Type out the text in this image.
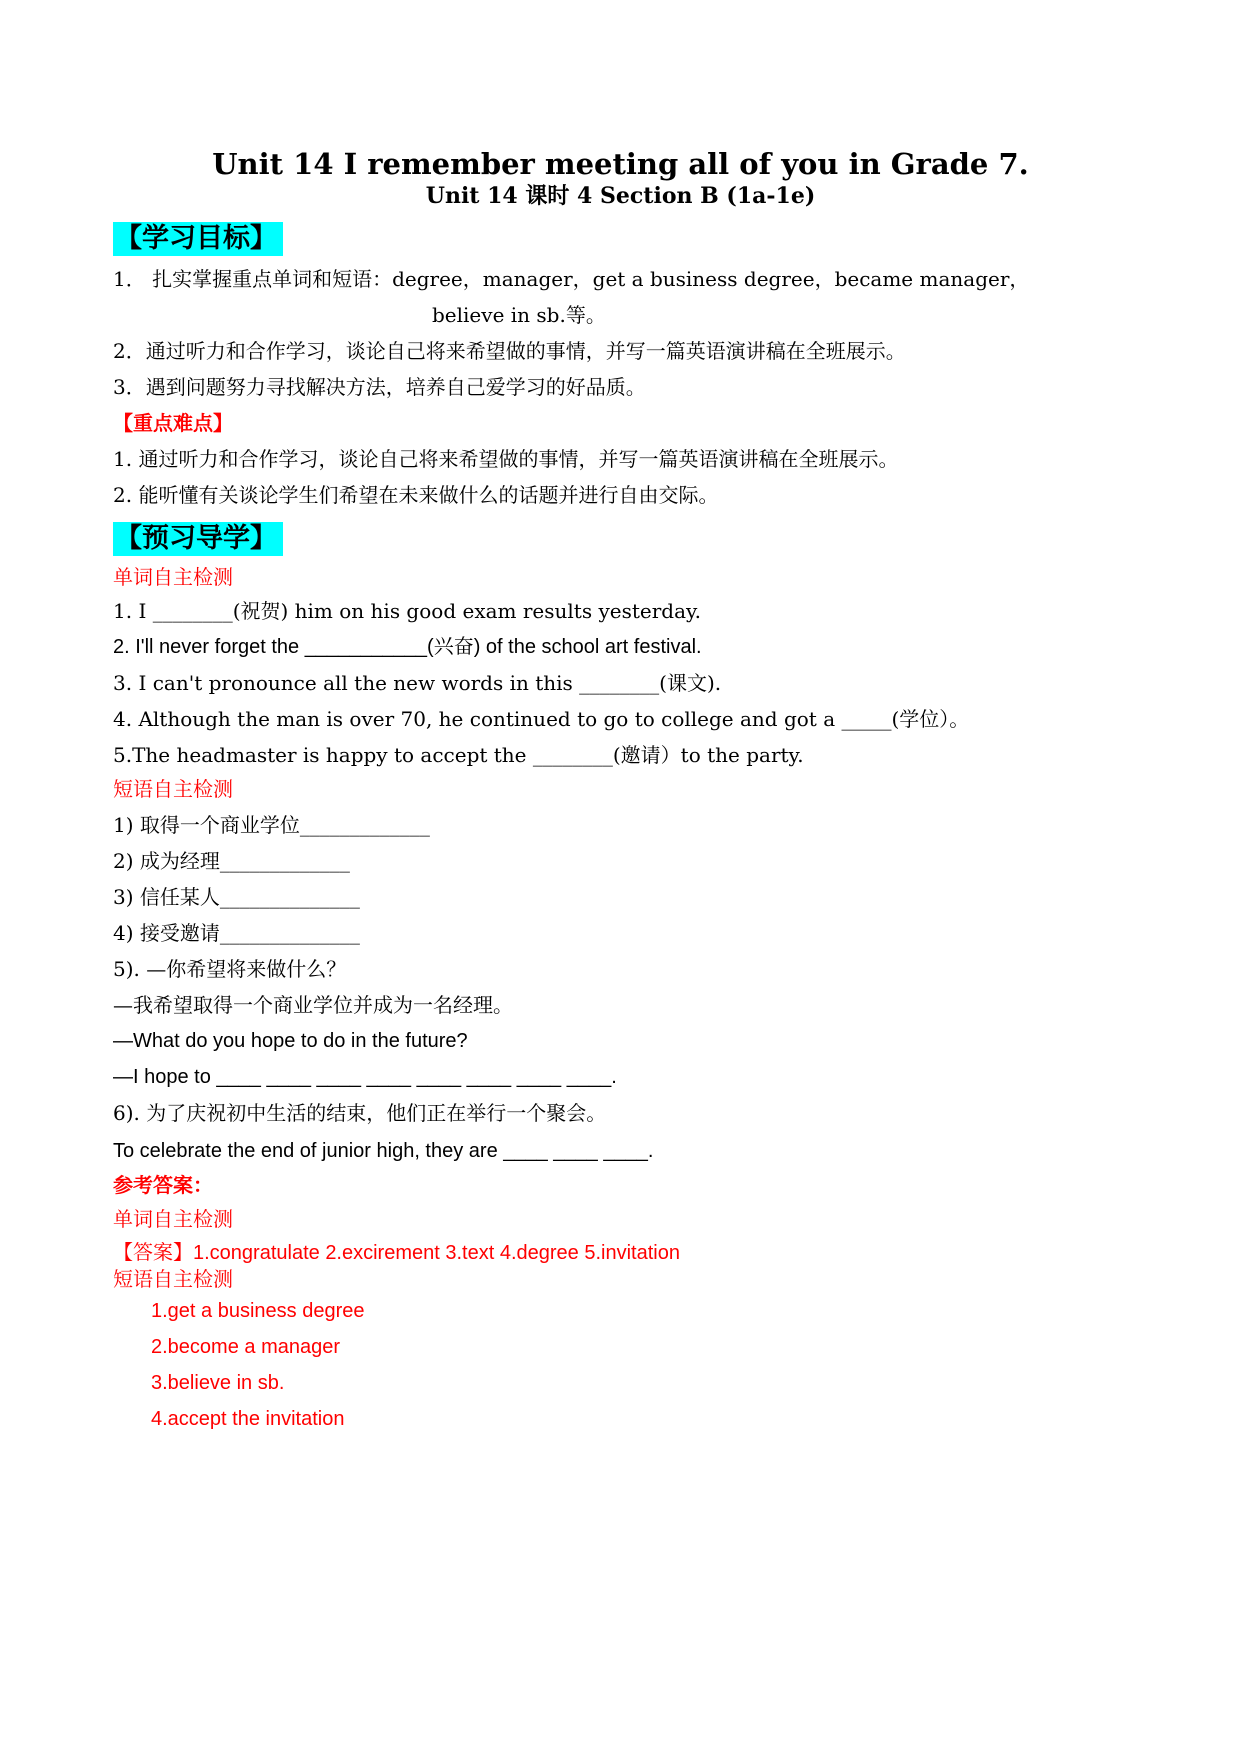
Unit 14 I remember meeting all of you in Grade 7.
Unit 14 课时 4 Section B (1a-1e)
【学习目标】
1． 扎实掌握重点单词和短语：degree，manager，get a business degree，became manager，
believe in sb.等。
2．通过听力和合作学习，谈论自己将来希望做的事情，并写一篇英语演讲稿在全班展示。
3．遇到问题努力寻找解决方法，培养自己爱学习的好品质。
【重点难点】
1. 通过听力和合作学习，谈论自己将来希望做的事情，并写一篇英语演讲稿在全班展示。
2. 能听懂有关谈论学生们希望在未来做什么的话题并进行自由交际。
【预习导学】
单词自主检测
1. I ________(祝贺) him on his good exam results yesterday.
2. I'll never forget the ___________(兴奋) of the school art festival.
3. I can't pronounce all the new words in this ________(课文).
4. Although the man is over 70, he continued to go to college and got a _____(学位）。
5.The headmaster is happy to accept the ________(邀请）to the party.
短语自主检测
1) 取得一个商业学位_____________
2) 成为经理_____________
3) 信任某人______________
4) 接受邀请______________
5). —你希望将来做什么？
—我希望取得一个商业学位并成为一名经理。
—What do you hope to do in the future?
—I hope to ____ ____ ____ ____ ____ ____ ____ ____.
6). 为了庆祝初中生活的结束，他们正在举行一个聚会。
To celebrate the end of junior high, they are ____ ____ ____.
参考答案：
单词自主检测
【答案】1.congratulate 2.excirement 3.text 4.degree 5.invitation
短语自主检测
1.get a business degree
2.become a manager
3.believe in sb.
4.accept the invitation
